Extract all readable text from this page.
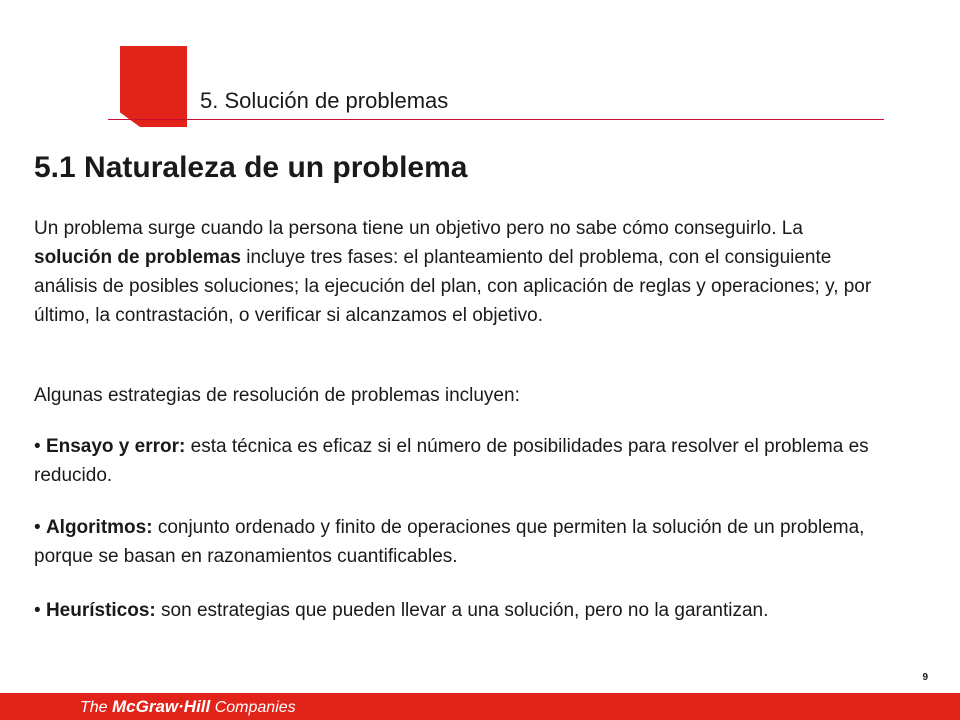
5. Solución de problemas
5.1 Naturaleza de un problema
Un problema surge cuando la persona tiene un objetivo pero no sabe cómo conseguirlo. La solución de problemas incluye tres fases: el planteamiento del problema, con el consiguiente análisis de posibles soluciones; la ejecución del plan, con aplicación de reglas y operaciones; y, por último, la contrastación, o verificar si alcanzamos el objetivo.
Algunas estrategias de resolución de problemas incluyen:
• Ensayo y error: esta técnica es eficaz si el número de posibilidades para resolver el problema es reducido.
• Algoritmos: conjunto ordenado y finito de operaciones que permiten la solución de un problema, porque se basan en razonamientos cuantificables.
• Heurísticos: son estrategias que pueden llevar a una solución, pero no la garantizan.
9
The McGraw·Hill Companies
